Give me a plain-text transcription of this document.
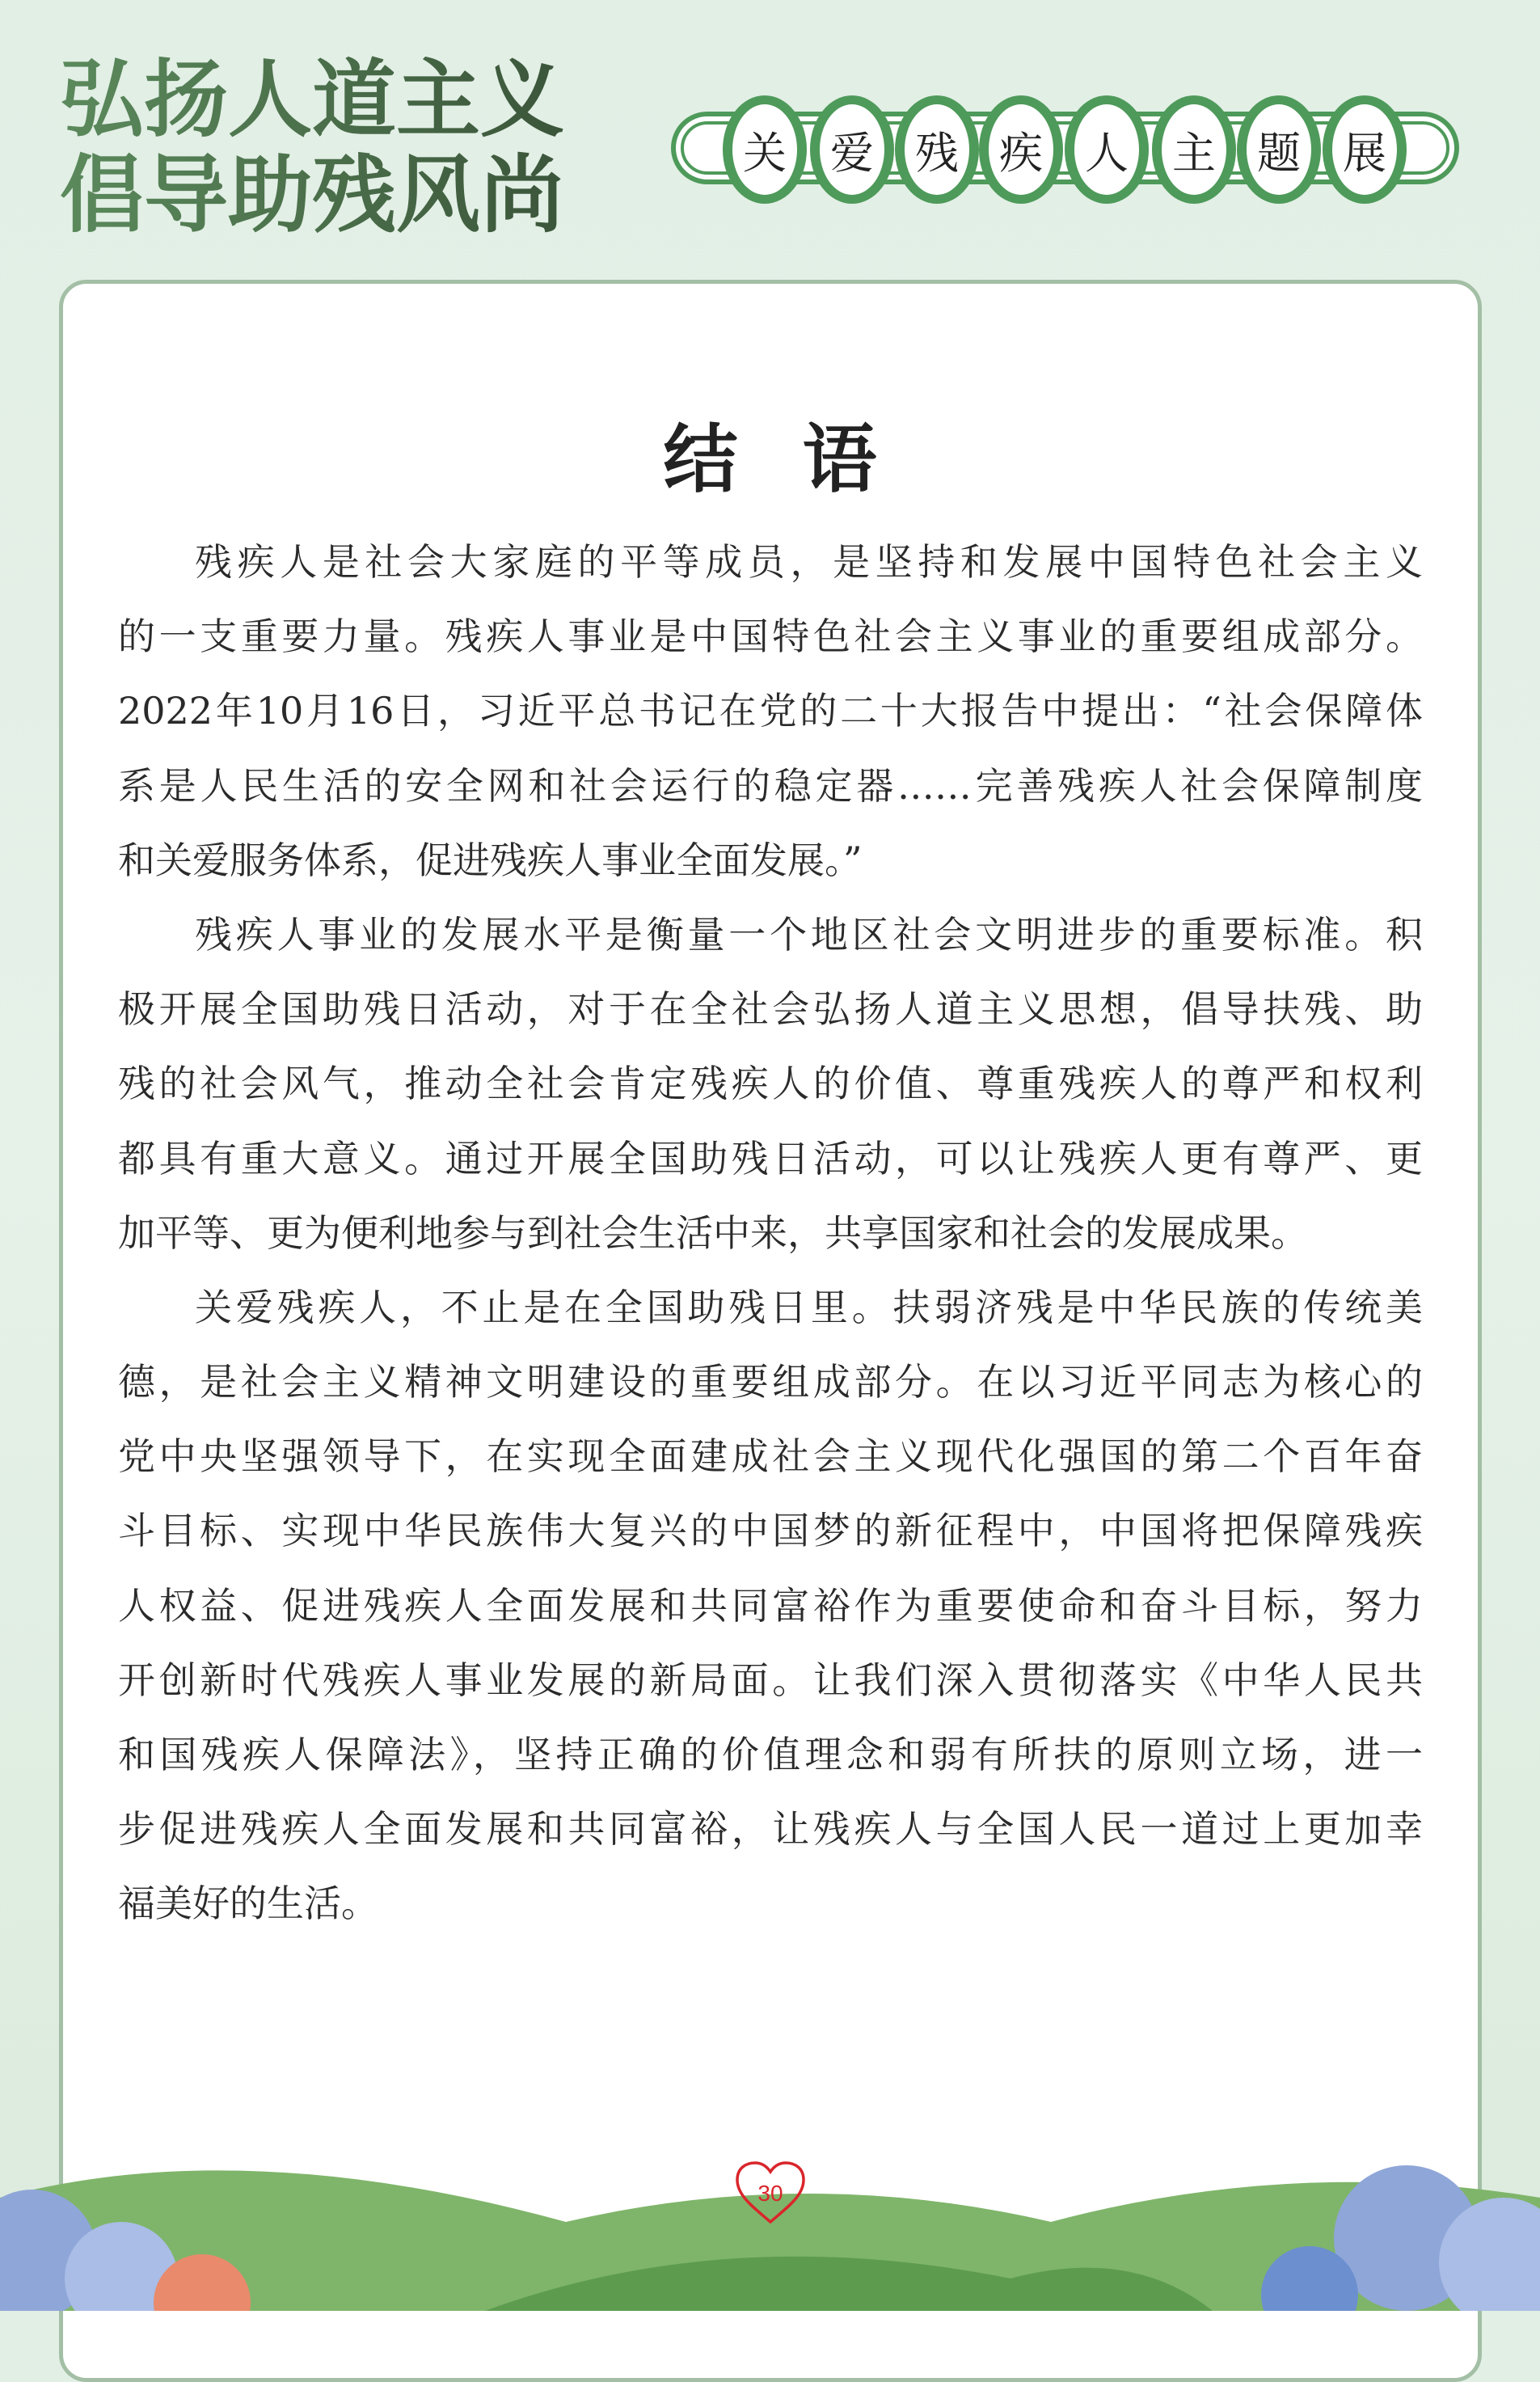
弘扬人道主义
倡导助残风尚	关 爱 残 疾 人 主 题 展
结语
残疾人是社会大家庭的平等成员，是坚持和发展中国特色社会主义
的一支重要力量。残疾人事业是中国特色社会主义事业的重要组成部分。
2022年10月16日，习近平总书记在党的二十大报告中提出：“社会保障体
系是人民生活的安全网和社会运行的稳定器……完善残疾人社会保障制度
和关爱服务体系，促进残疾人事业全面发展。”
残疾人事业的发展水平是衡量一个地区社会文明进步的重要标准。积
极开展全国助残日活动，对于在全社会弘扬人道主义思想，倡导扶残、助
残的社会风气，推动全社会肯定残疾人的价值、尊重残疾人的尊严和权利
都具有重大意义。通过开展全国助残日活动，可以让残疾人更有尊严、更
加平等、更为便利地参与到社会生活中来，共享国家和社会的发展成果。
关爱残疾人，不止是在全国助残日里。扶弱济残是中华民族的传统美
德，是社会主义精神文明建设的重要组成部分。在以习近平同志为核心的
党中央坚强领导下，在实现全面建成社会主义现代化强国的第二个百年奋
斗目标、实现中华民族伟大复兴的中国梦的新征程中，中国将把保障残疾
人权益、促进残疾人全面发展和共同富裕作为重要使命和奋斗目标，努力
开创新时代残疾人事业发展的新局面。让我们深入贯彻落实《中华人民共
和国残疾人保障法》，坚持正确的价值理念和弱有所扶的原则立场，进一
步促进残疾人全面发展和共同富裕，让残疾人与全国人民一道过上更加幸
福美好的生活。
30
